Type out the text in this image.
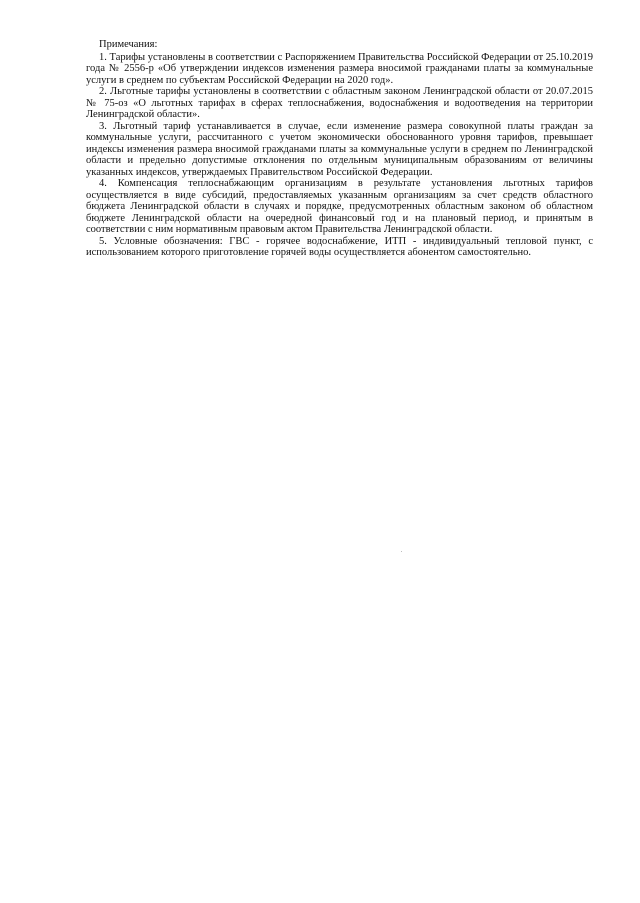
Примечания:

1. Тарифы установлены в соответствии с Распоряжением Правительства Российской Федерации от 25.10.2019 года № 2556-р «Об утверждении индексов изменения размера вносимой гражданами платы за коммунальные услуги в среднем по субъектам Российской Федерации на 2020 год».

2. Льготные тарифы установлены в соответствии с областным законом Ленинградской области от 20.07.2015 № 75-оз «О льготных тарифах в сферах теплоснабжения, водоснабжения и водоотведения на территории Ленинградской области».

3. Льготный тариф устанавливается в случае, если изменение размера совокупной платы граждан за коммунальные услуги, рассчитанного с учетом экономически обоснованного уровня тарифов, превышает индексы изменения размера вносимой гражданами платы за коммунальные услуги в среднем по Ленинградской области и предельно допустимые отклонения по отдельным муниципальным образованиям от величины указанных индексов, утверждаемых Правительством Российской Федерации.

4. Компенсация теплоснабжающим организациям в результате установления льготных тарифов осуществляется в виде субсидий, предоставляемых указанным организациям за счет средств областного бюджета Ленинградской области в случаях и порядке, предусмотренных областным законом об областном бюджете Ленинградской области на очередной финансовый год и на плановый период, и принятым в соответствии с ним нормативным правовым актом Правительства Ленинградской области.

5. Условные обозначения: ГВС - горячее водоснабжение, ИТП - индивидуальный тепловой пункт, с использованием которого приготовление горячей воды осуществляется абонентом самостоятельно.
